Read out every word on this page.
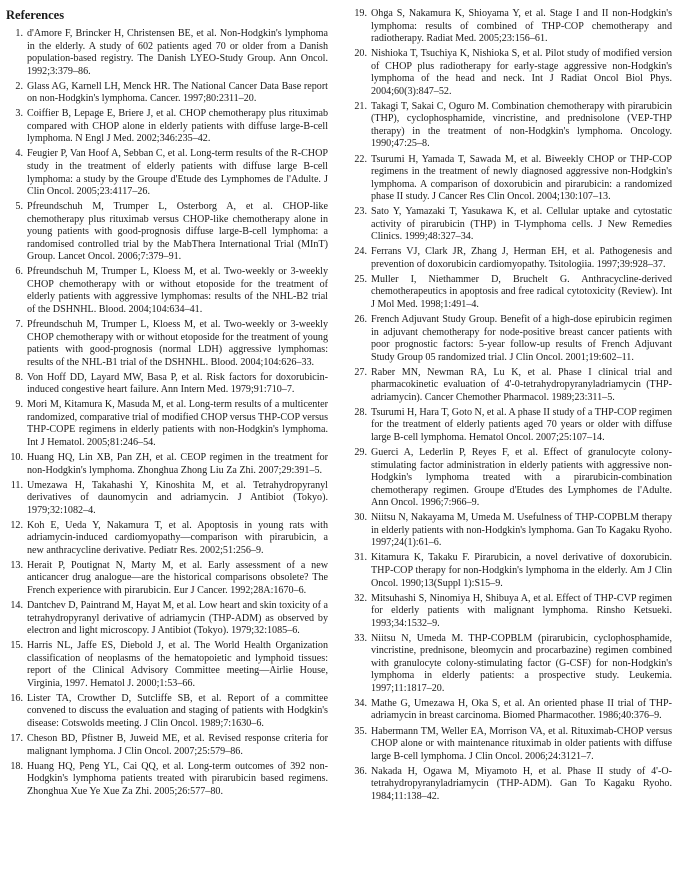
References
1. d'Amore F, Brincker H, Christensen BE, et al. Non-Hodgkin's lymphoma in the elderly. A study of 602 patients aged 70 or older from a Danish population-based registry. The Danish LYEO-Study Group. Ann Oncol. 1992;3:379–86.
2. Glass AG, Karnell LH, Menck HR. The National Cancer Data Base report on non-Hodgkin's lymphoma. Cancer. 1997;80:2311–20.
3. Coiffier B, Lepage E, Briere J, et al. CHOP chemotherapy plus rituximab compared with CHOP alone in elderly patients with diffuse large-B-cell lymphoma. N Engl J Med. 2002;346:235–42.
4. Feugier P, Van Hoof A, Sebban C, et al. Long-term results of the R-CHOP study in the treatment of elderly patients with diffuse large B-cell lymphoma: a study by the Groupe d'Etude des Lymphomes de l'Adulte. J Clin Oncol. 2005;23:4117–26.
5. Pfreundschuh M, Trumper L, Osterborg A, et al. CHOP-like chemotherapy plus rituximab versus CHOP-like chemotherapy alone in young patients with good-prognosis diffuse large-B-cell lymphoma: a randomised controlled trial by the MabThera International Trial (MInT) Group. Lancet Oncol. 2006;7:379–91.
6. Pfreundschuh M, Trumper L, Kloess M, et al. Two-weekly or 3-weekly CHOP chemotherapy with or without etoposide for the treatment of elderly patients with aggressive lymphomas: results of the NHL-B2 trial of the DSHNHL. Blood. 2004;104:634–41.
7. Pfreundschuh M, Trumper L, Kloess M, et al. Two-weekly or 3-weekly CHOP chemotherapy with or without etoposide for the treatment of young patients with good-prognosis (normal LDH) aggressive lymphomas: results of the NHL-B1 trial of the DSHNHL. Blood. 2004;104:626–33.
8. Von Hoff DD, Layard MW, Basa P, et al. Risk factors for doxorubicin-induced congestive heart failure. Ann Intern Med. 1979;91:710–7.
9. Mori M, Kitamura K, Masuda M, et al. Long-term results of a multicenter randomized, comparative trial of modified CHOP versus THP-COP versus THP-COPE regimens in elderly patients with non-Hodgkin's lymphoma. Int J Hematol. 2005;81:246–54.
10. Huang HQ, Lin XB, Pan ZH, et al. CEOP regimen in the treatment for non-Hodgkin's lymphoma. Zhonghua Zhong Liu Za Zhi. 2007;29:391–5.
11. Umezawa H, Takahashi Y, Kinoshita M, et al. Tetrahydropyranyl derivatives of daunomycin and adriamycin. J Antibiot (Tokyo). 1979;32:1082–4.
12. Koh E, Ueda Y, Nakamura T, et al. Apoptosis in young rats with adriamycin-induced cardiomyopathy—comparison with pirarubicin, a new anthracycline derivative. Pediatr Res. 2002;51:256–9.
13. Herait P, Poutignat N, Marty M, et al. Early assessment of a new anticancer drug analogue—are the historical comparisons obsolete? The French experience with pirarubicin. Eur J Cancer. 1992;28A:1670–6.
14. Dantchev D, Paintrand M, Hayat M, et al. Low heart and skin toxicity of a tetrahydropyranyl derivative of adriamycin (THP-ADM) as observed by electron and light microscopy. J Antibiot (Tokyo). 1979;32:1085–6.
15. Harris NL, Jaffe ES, Diebold J, et al. The World Health Organization classification of neoplasms of the hematopoietic and lymphoid tissues: report of the Clinical Advisory Committee meeting—Airlie House, Virginia, 1997. Hematol J. 2000;1:53–66.
16. Lister TA, Crowther D, Sutcliffe SB, et al. Report of a committee convened to discuss the evaluation and staging of patients with Hodgkin's disease: Cotswolds meeting. J Clin Oncol. 1989;7:1630–6.
17. Cheson BD, Pfistner B, Juweid ME, et al. Revised response criteria for malignant lymphoma. J Clin Oncol. 2007;25:579–86.
18. Huang HQ, Peng YL, Cai QQ, et al. Long-term outcomes of 392 non-Hodgkin's lymphoma patients treated with pirarubicin based regimens. Zhonghua Xue Ye Xue Za Zhi. 2005;26:577–80.
19. Ohga S, Nakamura K, Shioyama Y, et al. Stage I and II non-Hodgkin's lymphoma: results of combined of THP-COP chemotherapy and radiotherapy. Radiat Med. 2005;23:156–61.
20. Nishioka T, Tsuchiya K, Nishioka S, et al. Pilot study of modified version of CHOP plus radiotherapy for early-stage aggressive non-Hodgkin's lymphoma of the head and neck. Int J Radiat Oncol Biol Phys. 2004;60(3):847–52.
21. Takagi T, Sakai C, Oguro M. Combination chemotherapy with pirarubicin (THP), cyclophosphamide, vincristine, and prednisolone (VEP-THP therapy) in the treatment of non-Hodgkin's lymphoma. Oncology. 1990;47:25–8.
22. Tsurumi H, Yamada T, Sawada M, et al. Biweekly CHOP or THP-COP regimens in the treatment of newly diagnosed aggressive non-Hodgkin's lymphoma. A comparison of doxorubicin and pirarubicin: a randomized phase II study. J Cancer Res Clin Oncol. 2004;130:107–13.
23. Sato Y, Yamazaki T, Yasukawa K, et al. Cellular uptake and cytostatic activity of pirarubicin (THP) in T-lymphoma cells. J New Remedies Clinics. 1999;48:327–34.
24. Ferrans VJ, Clark JR, Zhang J, Herman EH, et al. Pathogenesis and prevention of doxorubicin cardiomyopathy. Tsitologiia. 1997;39:928–37.
25. Muller I, Niethammer D, Bruchelt G. Anthracycline-derived chemotherapeutics in apoptosis and free radical cytotoxicity (Review). Int J Mol Med. 1998;1:491–4.
26. French Adjuvant Study Group. Benefit of a high-dose epirubicin regimen in adjuvant chemotherapy for node-positive breast cancer patients with poor prognostic factors: 5-year follow-up results of French Adjuvant Study Group 05 randomized trial. J Clin Oncol. 2001;19:602–11.
27. Raber MN, Newman RA, Lu K, et al. Phase I clinical trial and pharmacokinetic evaluation of 4'-0-tetrahydropyranyladriamycin (THP-adriamycin). Cancer Chemother Pharmacol. 1989;23:311–5.
28. Tsurumi H, Hara T, Goto N, et al. A phase II study of a THP-COP regimen for the treatment of elderly patients aged 70 years or older with diffuse large B-cell lymphoma. Hematol Oncol. 2007;25:107–14.
29. Guerci A, Lederlin P, Reyes F, et al. Effect of granulocyte colony-stimulating factor administration in elderly patients with aggressive non-Hodgkin's lymphoma treated with a pirarubicin-combination chemotherapy regimen. Groupe d'Etudes des Lymphomes de l'Adulte. Ann Oncol. 1996;7:966–9.
30. Niitsu N, Nakayama M, Umeda M. Usefulness of THP-COPBLM therapy in elderly patients with non-Hodgkin's lymphoma. Gan To Kagaku Ryoho. 1997;24(1):61–6.
31. Kitamura K, Takaku F. Pirarubicin, a novel derivative of doxorubicin. THP-COP therapy for non-Hodgkin's lymphoma in the elderly. Am J Clin Oncol. 1990;13(Suppl 1):S15–9.
32. Mitsuhashi S, Ninomiya H, Shibuya A, et al. Effect of THP-CVP regimen for elderly patients with malignant lymphoma. Rinsho Ketsueki. 1993;34:1532–9.
33. Niitsu N, Umeda M. THP-COPBLM (pirarubicin, cyclophosphamide, vincristine, prednisone, bleomycin and procarbazine) regimen combined with granulocyte colony-stimulating factor (G-CSF) for non-Hodgkin's lymphoma in elderly patients: a prospective study. Leukemia. 1997;11:1817–20.
34. Mathe G, Umezawa H, Oka S, et al. An oriented phase II trial of THP-adriamycin in breast carcinoma. Biomed Pharmacother. 1986;40:376–9.
35. Habermann TM, Weller EA, Morrison VA, et al. Rituximab-CHOP versus CHOP alone or with maintenance rituximab in older patients with diffuse large B-cell lymphoma. J Clin Oncol. 2006;24:3121–7.
36. Nakada H, Ogawa M, Miyamoto H, et al. Phase II study of 4'-O-tetrahydropyranyladriamycin (THP-ADM). Gan To Kagaku Ryoho. 1984;11:138–42.
